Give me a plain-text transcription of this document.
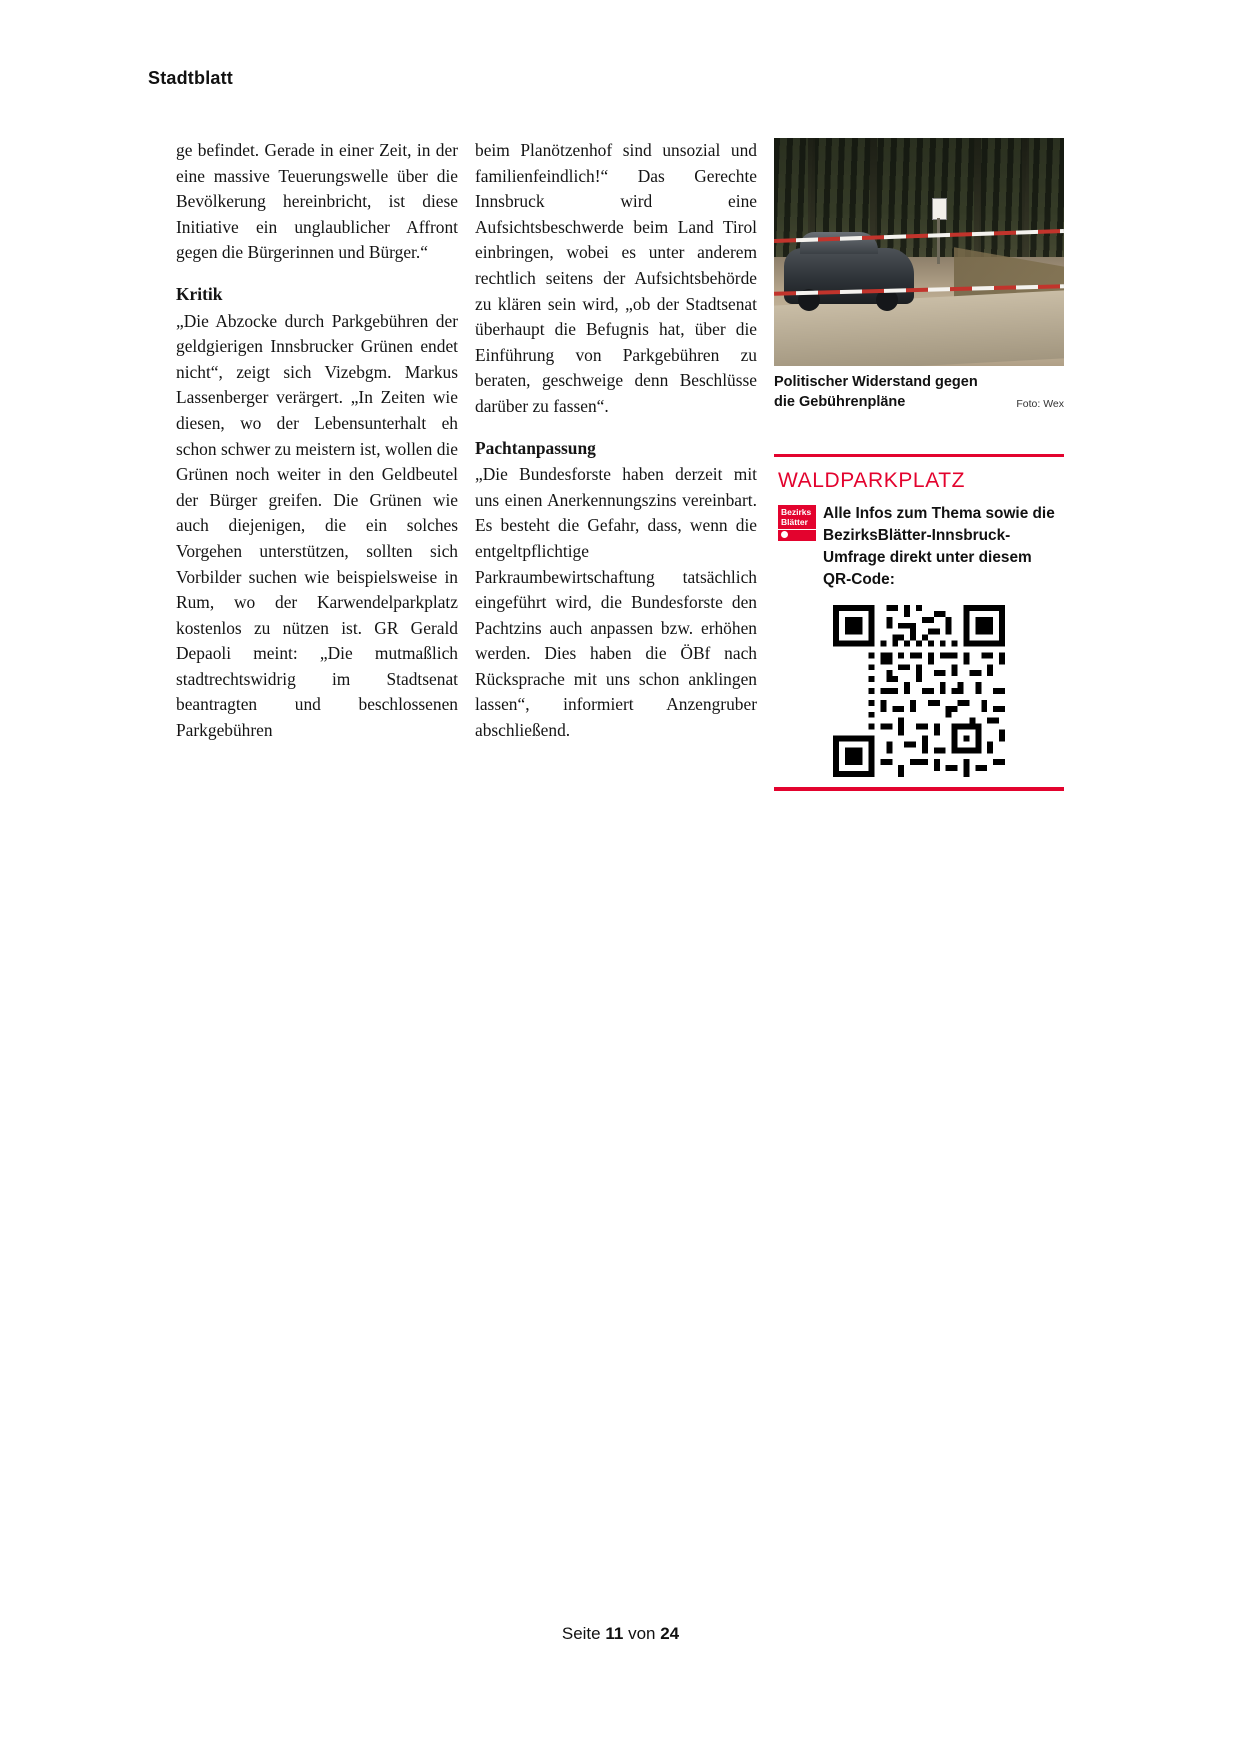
Stadtblatt

ge befindet. Gerade in einer Zeit, in der eine massive Teuerungswelle über die Bevölkerung hereinbricht, ist diese Initiative ein unglaublicher Affront gegen die Bürgerinnen und Bürger.“

Kritik

„Die Abzocke durch Parkgebühren der geldgierigen Innsbrucker Grünen endet nicht“, zeigt sich Vizebgm. Markus Lassenberger verärgert. „In Zeiten wie diesen, wo der Lebensunterhalt eh schon schwer zu meistern ist, wollen die Grünen noch weiter in den Geldbeutel der Bürger greifen. Die Grünen wie auch diejenigen, die ein solches Vorgehen unterstützen, sollten sich Vorbilder suchen wie beispielsweise in Rum, wo der Karwendelparkplatz kostenlos zu nützen ist. GR Gerald Depaoli meint: „Die mutmaßlich stadtrechtswidrig im Stadtsenat beantragten und beschlossenen Parkgebühren

beim Planötzenhof sind unsozial und familienfeindlich!“ Das Gerechte Innsbruck wird eine Aufsichtsbeschwerde beim Land Tirol einbringen, wobei es unter anderem rechtlich seitens der Aufsichtsbehörde zu klären sein wird, „ob der Stadtsenat überhaupt die Befugnis hat, über die Einführung von Parkgebühren zu beraten, geschweige denn Beschlüsse darüber zu fassen“.

Pachtanpassung

„Die Bundesforste haben derzeit mit uns einen Anerkennungszins vereinbart. Es besteht die Gefahr, dass, wenn die entgeltpflichtige Parkraumbewirtschaftung tatsächlich eingeführt wird, die Bundesforste den Pachtzins auch anpassen bzw. erhöhen werden. Dies haben die ÖBf nach Rücksprache mit uns schon anklingen lassen“, informiert Anzengruber abschließend.

Politischer Widerstand gegen die Gebührenpläne	Foto: Wex
WALDPARKPLATZ
Bezirks
Blätter Alle Infos zum Thema sowie die BezirksBlätter-Innsbruck-Umfrage direkt unter diesem QR-Code:
Seite 11 von 24
